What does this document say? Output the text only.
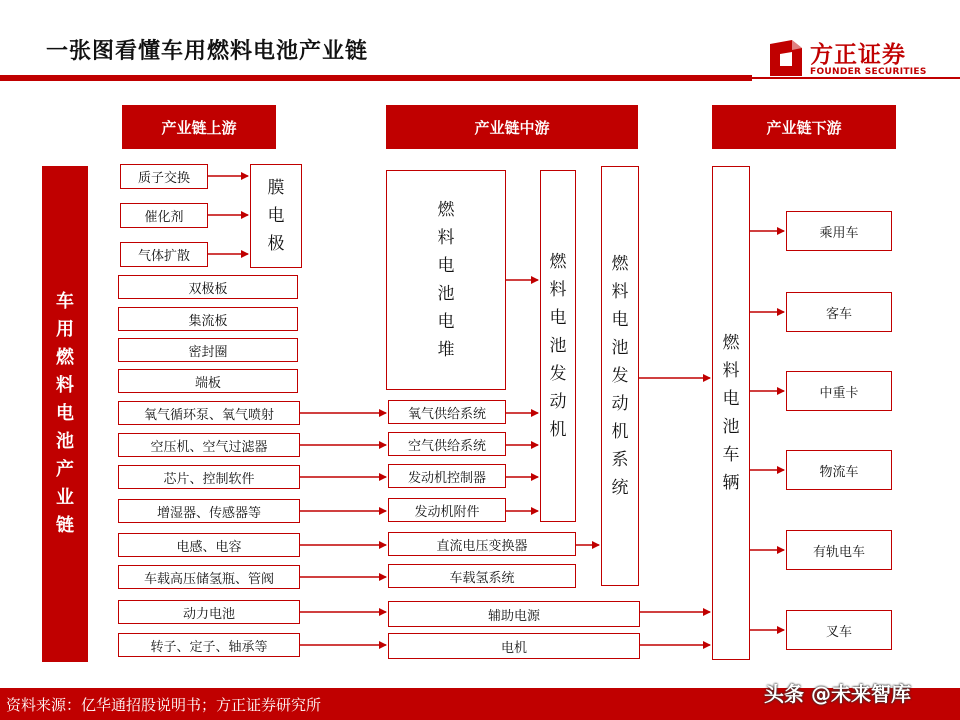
一张图看懂车用燃料电池产业链	方正证券
FOUNDER SECURITIES
产业链上游	产业链中游	产业链下游
车用燃料电池产业链
质子交换
催化剂
气体扩散
膜电极
双极板
集流板
密封圈
端板
氧气循环泵、氧气喷射
空压机、空气过滤器
芯片、控制软件
增湿器、传感器等
电感、电容
车载高压储氢瓶、管阀
动力电池
转子、定子、轴承等
燃料电池电堆
燃料电池发动机
燃料电池发动机系统
氧气供给系统
空气供给系统
发动机控制器
发动机附件
直流电压变换器
车载氢系统
辅助电源
电机
燃料电池车辆
乘用车
客车
中重卡
物流车
有轨电车
叉车
资料来源：亿华通招股说明书；方正证券研究所	头条 @未来智库
